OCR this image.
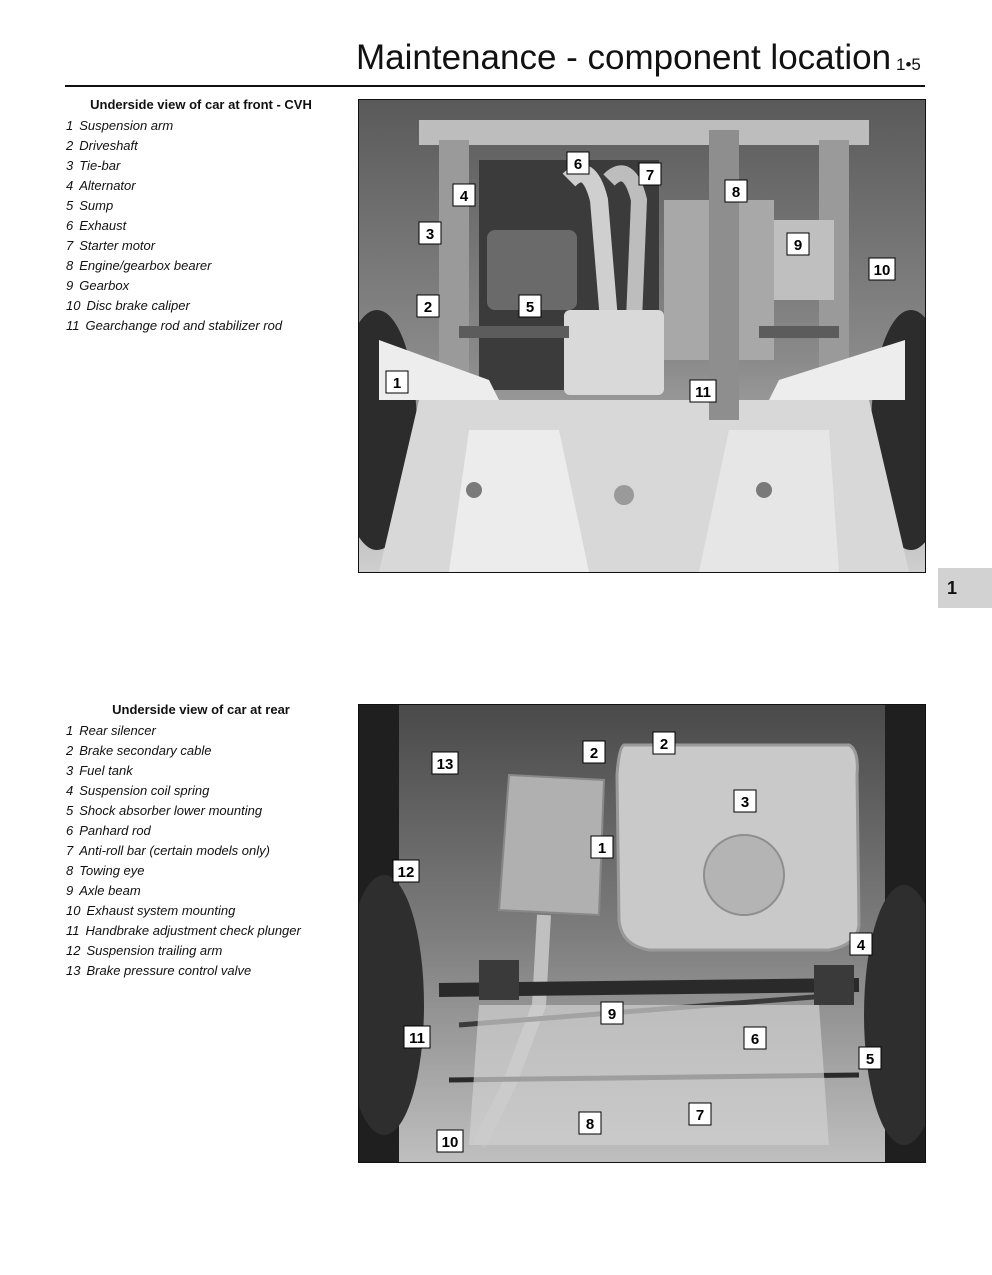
Maintenance - component location 1•5
Underside view of car at front - CVH
1 Suspension arm
2 Driveshaft
3 Tie-bar
4 Alternator
5 Sump
6 Exhaust
7 Starter motor
8 Engine/gearbox bearer
9 Gearbox
10 Disc brake caliper
11 Gearchange rod and stabilizer rod
1
2
3
4
5
6
7
8
9
10
11
1
Underside view of car at rear
1 Rear silencer
2 Brake secondary cable
3 Fuel tank
4 Suspension coil spring
5 Shock absorber lower mounting
6 Panhard rod
7 Anti-roll bar (certain models only)
8 Towing eye
9 Axle beam
10 Exhaust system mounting
11 Handbrake adjustment check plunger
12 Suspension trailing arm
13 Brake pressure control valve
1
2
2
3
4
5
6
7
8
9
10
11
12
13
